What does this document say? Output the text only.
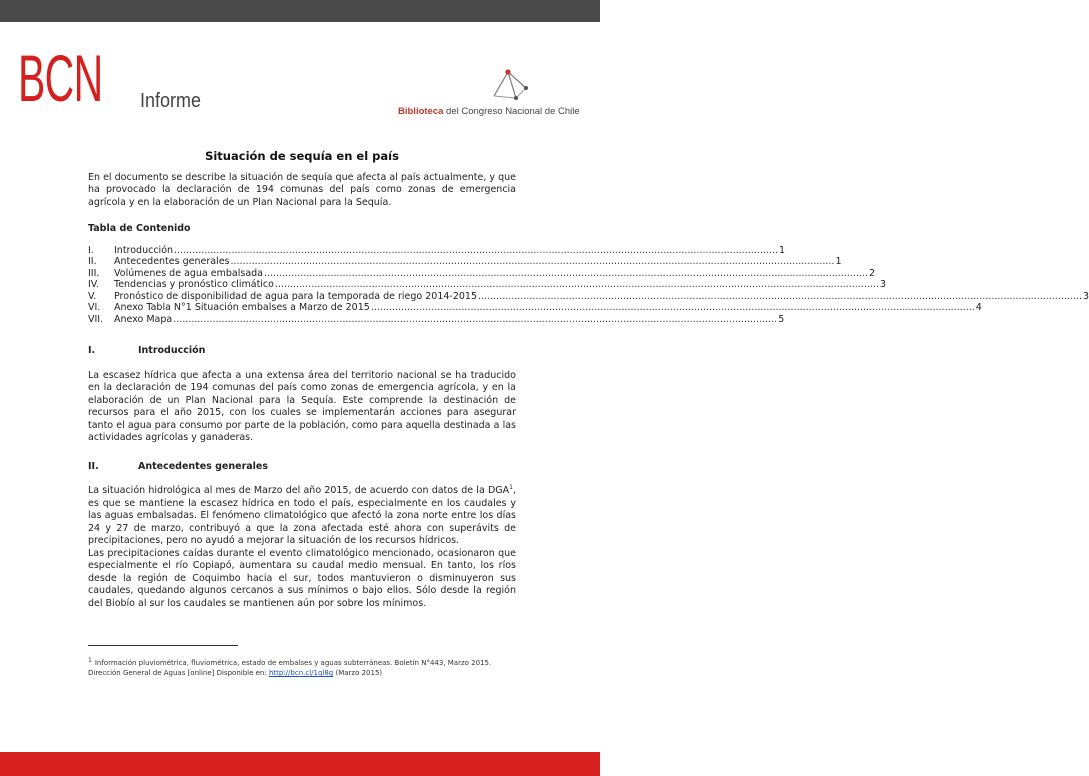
BCN Informe	Biblioteca del Congreso Nacional de Chile
Situación de sequía en el país

En el documento se describe la situación de sequía que afecta al país actualmente, y que ha provocado la declaración de 194 comunas del país como zonas de emergencia agrícola y en la elaboración de un Plan Nacional para la Sequía.

Tabla de Contenido
I.	Introducción ........................................................................................................................................................................................................ 1
II.	Antecedentes generales ........................................................................................................................................................................................................ 1
III.	Volúmenes de agua embalsada ........................................................................................................................................................................................................ 2
IV.	Tendencias y pronóstico climático ........................................................................................................................................................................................................ 3
V.	Pronóstico de disponibilidad de agua para la temporada de riego 2014-2015 ........................................................................................................................................................................................................ 3
VI.	Anexo Tabla N°1 Situación embalses a Marzo de 2015 ........................................................................................................................................................................................................ 4
VII.	Anexo Mapa ........................................................................................................................................................................................................ 5
I.	Introducción

La escasez hídrica que afecta a una extensa área del territorio nacional se ha traducido en la declaración de 194 comunas del país como zonas de emergencia agrícola, y en la elaboración de un Plan Nacional para la Sequía. Este comprende la destinación de recursos para el año 2015, con los cuales se implementarán acciones para asegurar tanto el agua para consumo por parte de la población, como para aquella destinada a las actividades agrícolas y ganaderas.

II.	Antecedentes generales

La situación hidrológica al mes de Marzo del año 2015, de acuerdo con datos de la DGA$^1$, es que se mantiene la escasez hídrica en todo el país, especialmente en los caudales y las aguas embalsadas. El fenómeno climatológico que afectó la zona norte entre los días 24 y 27 de marzo, contribuyó a que la zona afectada esté ahora con superávits de precipitaciones, pero no ayudó a mejorar la situación de los recursos hídricos.

Las precipitaciones caídas durante el evento climatológico mencionado, ocasionaron que especialmente el río Copiapó, aumentara su caudal medio mensual. En tanto, los ríos desde la región de Coquimbo hacia el sur, todos mantuvieron o disminuyeron sus caudales, quedando algunos cercanos a sus mínimos o bajo ellos. Sólo desde la región del Biobío al sur los caudales se mantienen aún por sobre los mínimos.

$^1$ Información pluviométrica, fluviométrica, estado de embalses y aguas subterráneas. Boletín N°443, Marzo 2015. Dirección General de Aguas [online] Disponible en: http://bcn.cl/1ql8g (Marzo 2015)
